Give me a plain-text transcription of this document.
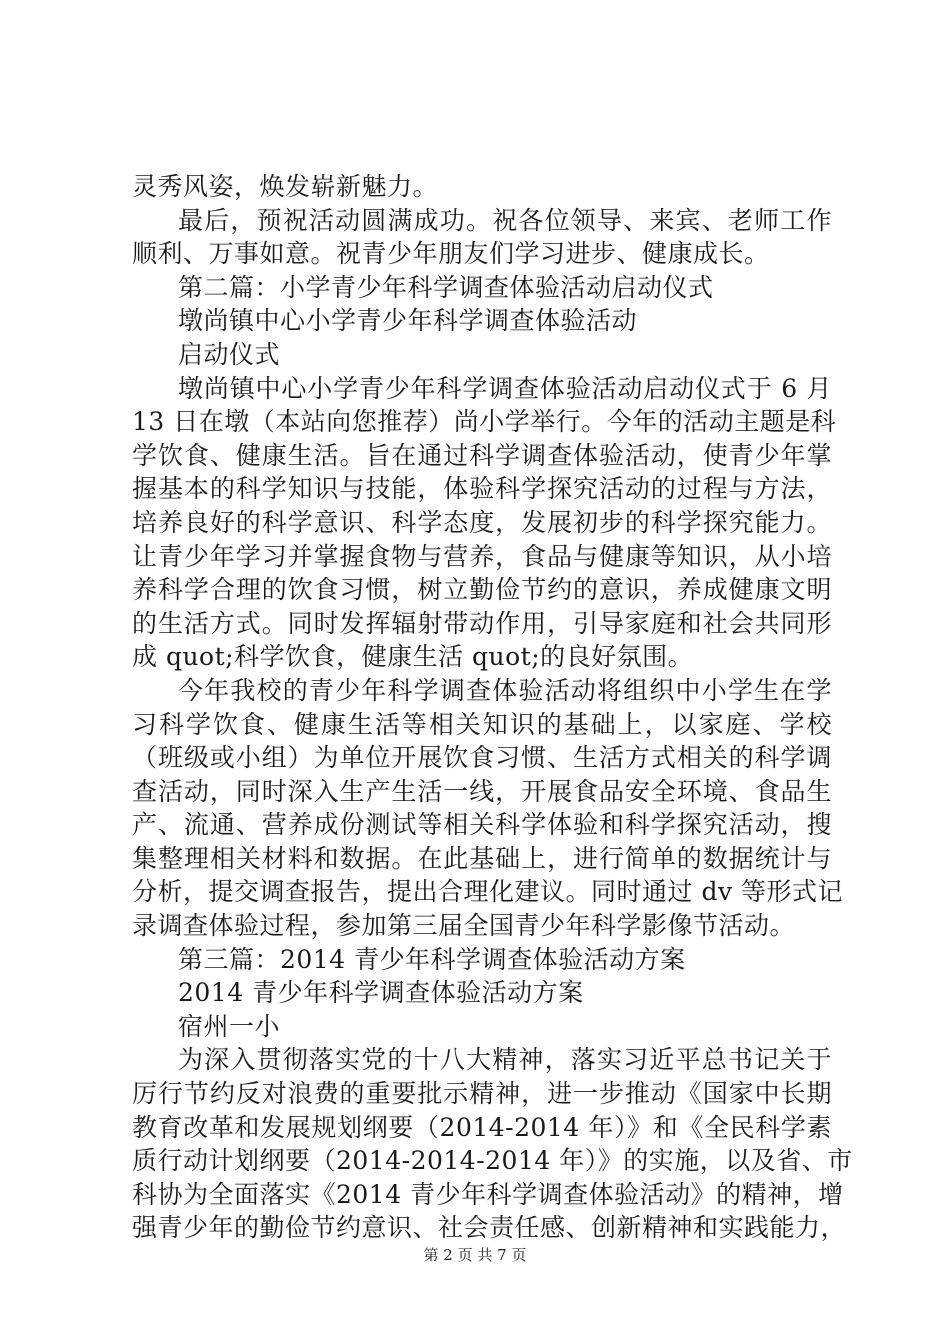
灵秀风姿，焕发崭新魅力。
最后，预祝活动圆满成功。祝各位领导、来宾、老师工作
顺利、万事如意。祝青少年朋友们学习进步、健康成长。
第二篇：小学青少年科学调查体验活动启动仪式
墩尚镇中心小学青少年科学调查体验活动
启动仪式
墩尚镇中心小学青少年科学调查体验活动启动仪式于 6 月
13 日在墩（本站向您推荐）尚小学举行。今年的活动主题是科
学饮食、健康生活。旨在通过科学调查体验活动，使青少年掌
握基本的科学知识与技能，体验科学探究活动的过程与方法，
培养良好的科学意识、科学态度，发展初步的科学探究能力。
让青少年学习并掌握食物与营养，食品与健康等知识，从小培
养科学合理的饮食习惯，树立勤俭节约的意识，养成健康文明
的生活方式。同时发挥辐射带动作用，引导家庭和社会共同形
成 quot;科学饮食，健康生活 quot;的良好氛围。
今年我校的青少年科学调查体验活动将组织中小学生在学
习科学饮食、健康生活等相关知识的基础上，以家庭、学校
（班级或小组）为单位开展饮食习惯、生活方式相关的科学调
查活动，同时深入生产生活一线，开展食品安全环境、食品生
产、流通、营养成份测试等相关科学体验和科学探究活动，搜
集整理相关材料和数据。在此基础上，进行简单的数据统计与
分析，提交调查报告，提出合理化建议。同时通过 dv 等形式记
录调查体验过程，参加第三届全国青少年科学影像节活动。
第三篇：2014 青少年科学调查体验活动方案
2014 青少年科学调查体验活动方案
宿州一小
为深入贯彻落实党的十八大精神，落实习近平总书记关于
厉行节约反对浪费的重要批示精神，进一步推动《国家中长期
教育改革和发展规划纲要（2014-2014 年）》和《全民科学素
质行动计划纲要（2014-2014-2014 年）》的实施，以及省、市
科协为全面落实《2014 青少年科学调查体验活动》的精神，增
强青少年的勤俭节约意识、社会责任感、创新精神和实践能力，
第 2 页 共 7 页
